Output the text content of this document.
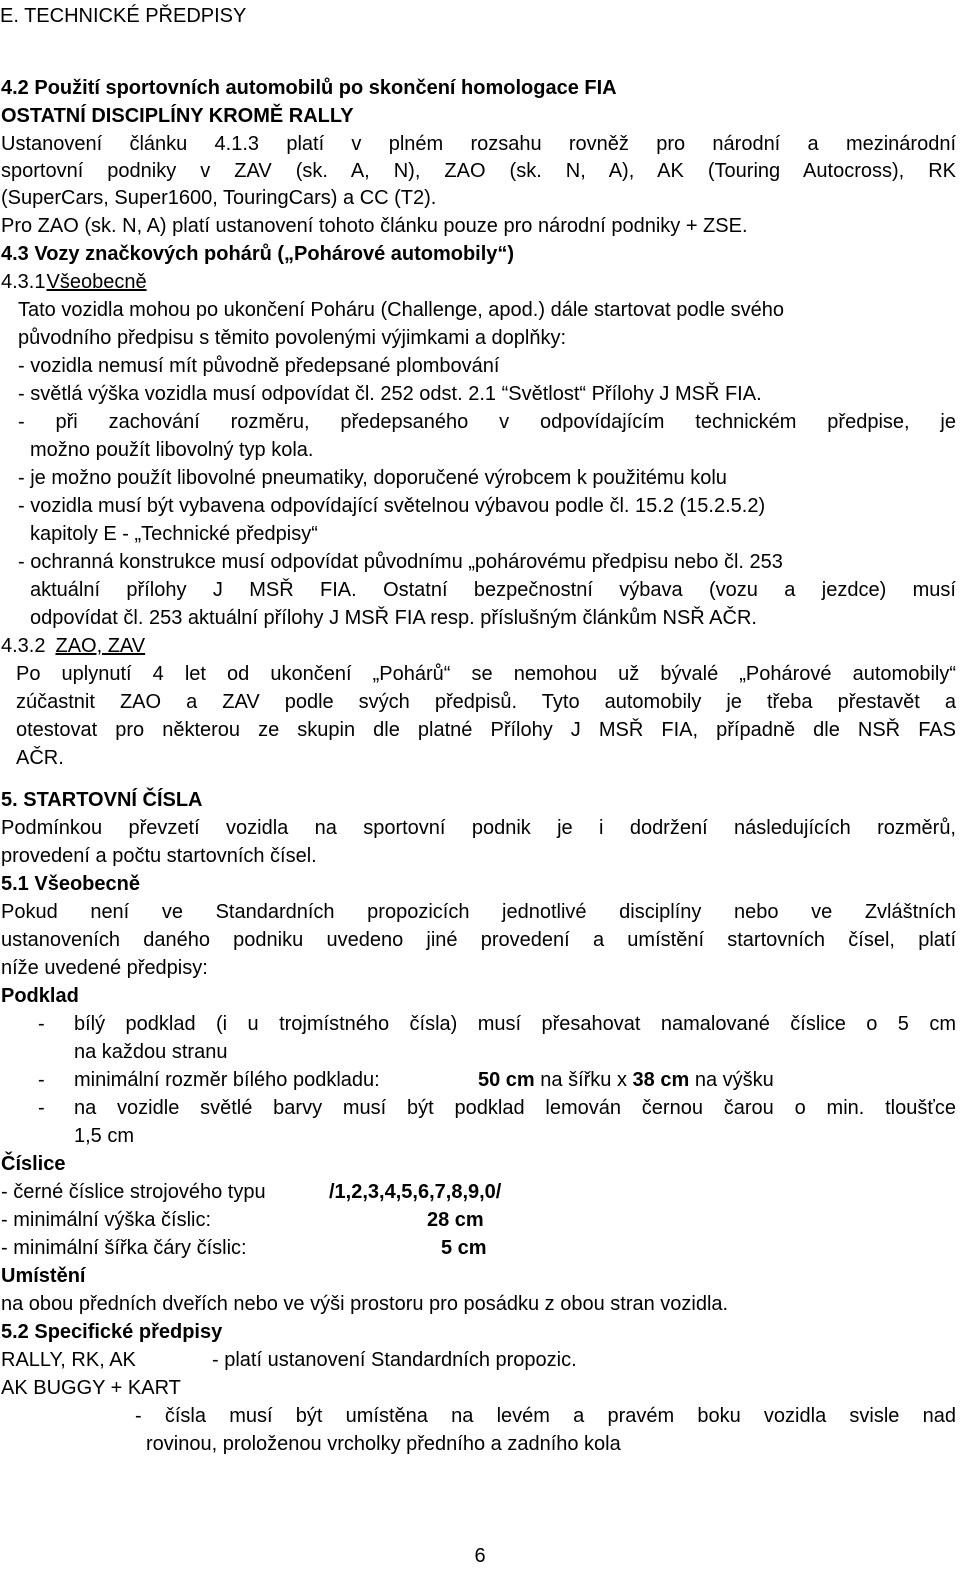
E. TECHNICKÉ PŘEDPISY
4.2 Použití sportovních automobilů po skončení homologace FIA
OSTATNÍ DISCIPLÍNY KROMĚ RALLY
Ustanovení článku 4.1.3 platí v plném rozsahu rovněž pro národní a mezinárodní
sportovní podniky v ZAV (sk. A, N), ZAO (sk. N, A), AK (Touring Autocross), RK
(SuperCars, Super1600, TouringCars) a CC (T2).
Pro ZAO (sk. N, A) platí ustanovení tohoto článku pouze pro národní podniky + ZSE.
4.3 Vozy značkových pohárů („Pohárové automobily“)
4.3.1Všeobecně
Tato vozidla mohou po ukončení Poháru (Challenge, apod.) dále startovat podle svého
původního předpisu s těmito povolenými výjimkami a doplňky:
- vozidla nemusí mít původně předepsané plombování
- světlá výška vozidla musí odpovídat čl. 252 odst. 2.1 “Světlost“ Přílohy J MSŘ FIA.
- při zachování rozměru, předepsaného v odpovídajícím technickém předpise, je
možno použít libovolný typ kola.
- je možno použít libovolné pneumatiky, doporučené výrobcem k použitému kolu
- vozidla musí být vybavena odpovídající světelnou výbavou podle čl. 15.2 (15.2.5.2)
kapitoly E - „Technické předpisy“
- ochranná konstrukce musí odpovídat původnímu „pohárovému předpisu nebo čl. 253
aktuální přílohy J MSŘ FIA. Ostatní bezpečnostní výbava (vozu a jezdce) musí
odpovídat čl. 253 aktuální přílohy J MSŘ FIA resp. příslušným článkům NSŘ AČR.
4.3.2 ZAO, ZAV
Po uplynutí 4 let od ukončení „Pohárů“ se nemohou už bývalé „Pohárové automobily“
zúčastnit ZAO a ZAV podle svých předpisů. Tyto automobily je třeba přestavět a
otestovat pro některou ze skupin dle platné Přílohy J MSŘ FIA, případně dle NSŘ FAS
AČR.
5. STARTOVNÍ ČÍSLA
Podmínkou převzetí vozidla na sportovní podnik je i dodržení následujících rozměrů,
provedení a počtu startovních čísel.
5.1 Všeobecně
Pokud není ve Standardních propozicích jednotlivé disciplíny nebo ve Zvláštních
ustanoveních daného podniku uvedeno jiné provedení a umístění startovních čísel, platí
níže uvedené předpisy:
Podklad
- bílý podklad (i u trojmístného čísla) musí přesahovat namalované číslice o 5 cm
na každou stranu
- minimální rozměr bílého podkladu:	50 cm na šířku x 38 cm na výšku
- na vozidle světlé barvy musí být podklad lemován černou čarou o min. tloušťce
1,5 cm
Číslice
- černé číslice strojového typu	/1,2,3,4,5,6,7,8,9,0/
- minimální výška číslic:	28 cm
- minimální šířka čáry číslic:	5 cm
Umístění
na obou předních dveřích nebo ve výši prostoru pro posádku z obou stran vozidla.
5.2 Specifické předpisy
RALLY, RK, AK	- platí ustanovení Standardních propozic.
AK BUGGY + KART
- čísla musí být umístěna na levém a pravém boku vozidla svisle nad
rovinou, proloženou vrcholky předního a zadního kola
6
